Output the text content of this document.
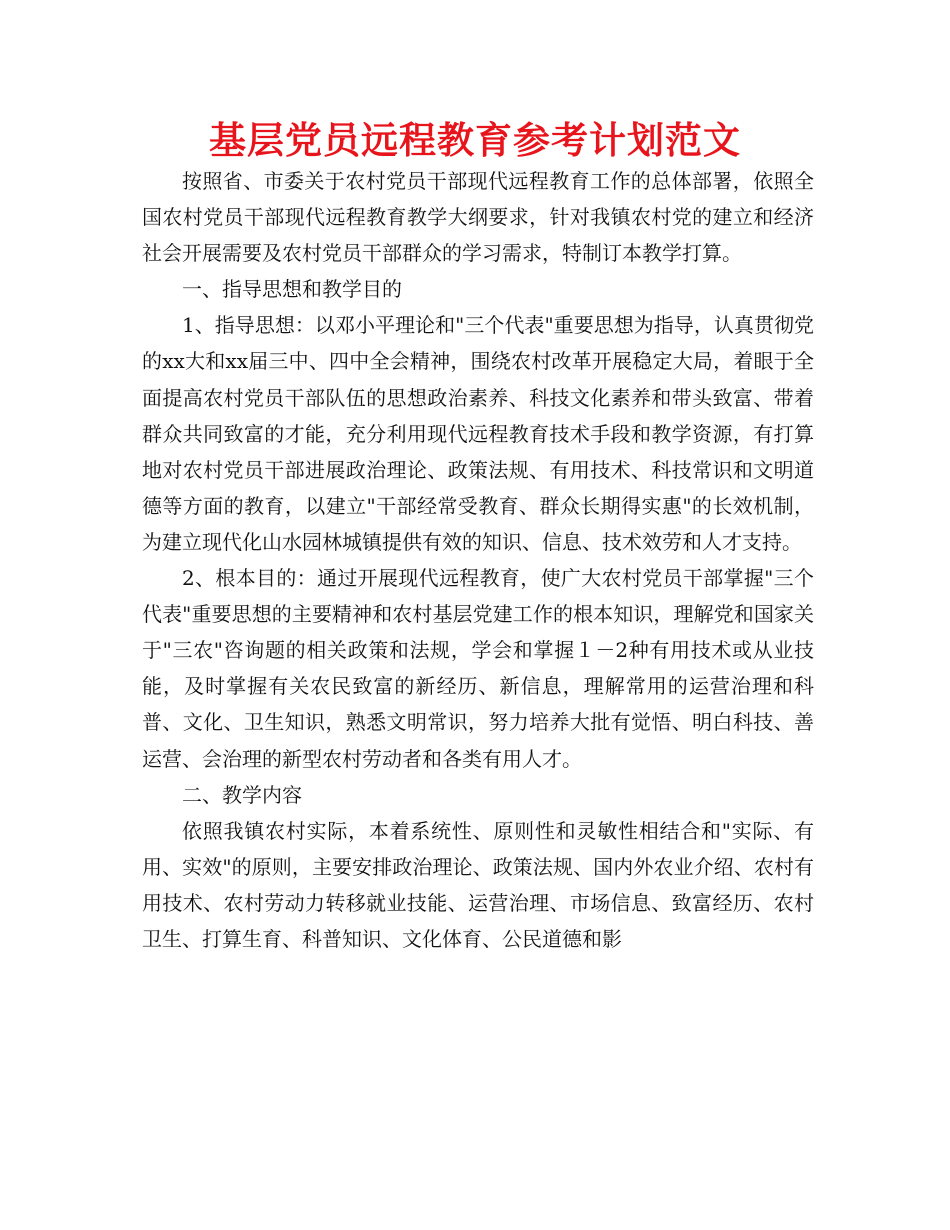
基层党员远程教育参考计划范文

按照省、市委关于农村党员干部现代远程教育工作的总体部署，依照全国农村党员干部现代远程教育教学大纲要求，针对我镇农村党的建立和经济社会开展需要及农村党员干部群众的学习需求，特制订本教学打算。

一、指导思想和教学目的

1、指导思想：以邓小平理论和"三个代表"重要思想为指导，认真贯彻党的xx大和xx届三中、四中全会精神，围绕农村改革开展稳定大局，着眼于全面提高农村党员干部队伍的思想政治素养、科技文化素养和带头致富、带着群众共同致富的才能，充分利用现代远程教育技术手段和教学资源，有打算地对农村党员干部进展政治理论、政策法规、有用技术、科技常识和文明道德等方面的教育，以建立"干部经常受教育、群众长期得实惠"的长效机制，为建立现代化山水园林城镇提供有效的知识、信息、技术效劳和人才支持。

2、根本目的：通过开展现代远程教育，使广大农村党员干部掌握"三个代表"重要思想的主要精神和农村基层党建工作的根本知识，理解党和国家关于"三农"咨询题的相关政策和法规，学会和掌握１－2种有用技术或从业技能，及时掌握有关农民致富的新经历、新信息，理解常用的运营治理和科普、文化、卫生知识，熟悉文明常识，努力培养大批有觉悟、明白科技、善运营、会治理的新型农村劳动者和各类有用人才。

二、教学内容

依照我镇农村实际，本着系统性、原则性和灵敏性相结合和"实际、有用、实效"的原则，主要安排政治理论、政策法规、国内外农业介绍、农村有用技术、农村劳动力转移就业技能、运营治理、市场信息、致富经历、农村卫生、打算生育、科普知识、文化体育、公民道德和影
